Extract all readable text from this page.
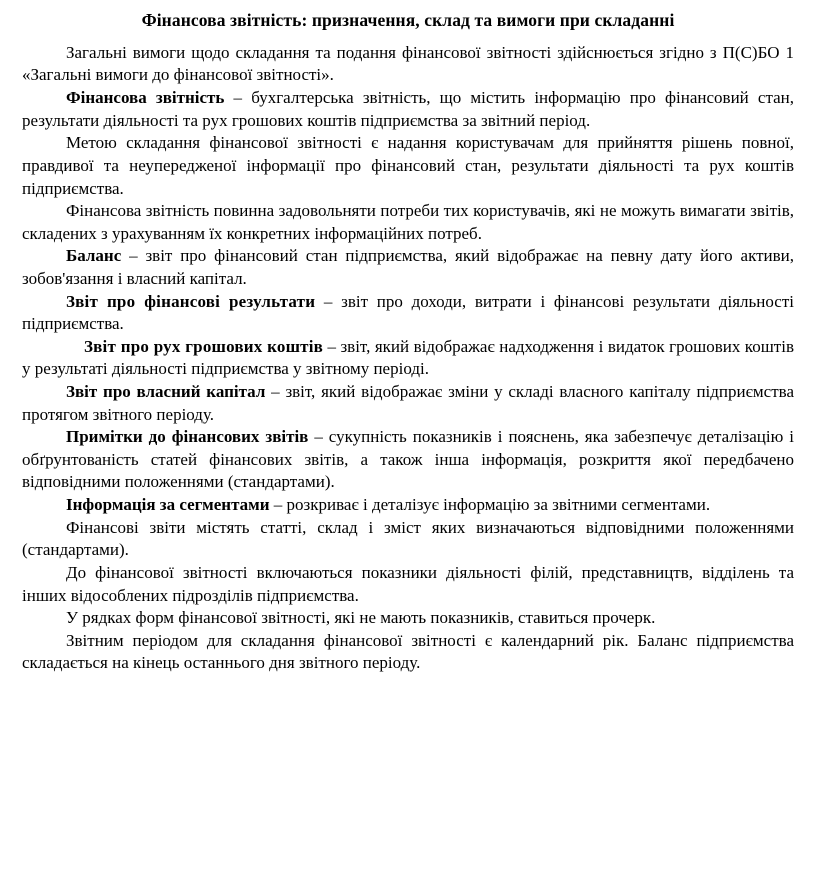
Фінансова звітність: призначення, склад та вимоги при складанні

Загальні вимоги щодо складання та подання фінансової звітності здійснюється згідно з П(С)БО 1 «Загальні вимоги до фінансової звітності».

Фінансова звітність – бухгалтерська звітність, що містить інформацію про фінансовий стан, результати діяльності та рух грошових коштів підприємства за звітний період.

Метою складання фінансової звітності є надання користувачам для прийняття рішень повної, правдивої та неупередженої інформації про фінансовий стан, результати діяльності та рух коштів підприємства.

Фінансова звітність повинна задовольняти потреби тих користувачів, які не можуть вимагати звітів, складених з урахуванням їх конкретних інформаційних потреб.

Баланс – звіт про фінансовий стан підприємства, який відображає на певну дату його активи, зобов'язання і власний капітал.

Звіт про фінансові результати – звіт про доходи, витрати і фінансові результати діяльності підприємства.

Звіт про рух грошових коштів – звіт, який відображає надходження і видаток грошових коштів у результаті діяльності підприємства у звітному періоді.

Звіт про власний капітал – звіт, який відображає зміни у складі власного капіталу підприємства протягом звітного періоду.

Примітки до фінансових звітів – сукупність показників і пояснень, яка забезпечує деталізацію і обґрунтованість статей фінансових звітів, а також інша інформація, розкриття якої передбачено відповідними положеннями (стандартами).

Інформація за сегментами – розкриває і деталізує інформацію за звітними сегментами.

Фінансові звіти містять статті, склад і зміст яких визначаються відповідними положеннями (стандартами).

До фінансової звітності включаються показники діяльності філій, представництв, відділень та інших відособлених підрозділів підприємства.

У рядках форм фінансової звітності, які не мають показників, ставиться прочерк.

Звітним періодом для складання фінансової звітності є календарний рік. Баланс підприємства складається на кінець останнього дня звітного періоду.
